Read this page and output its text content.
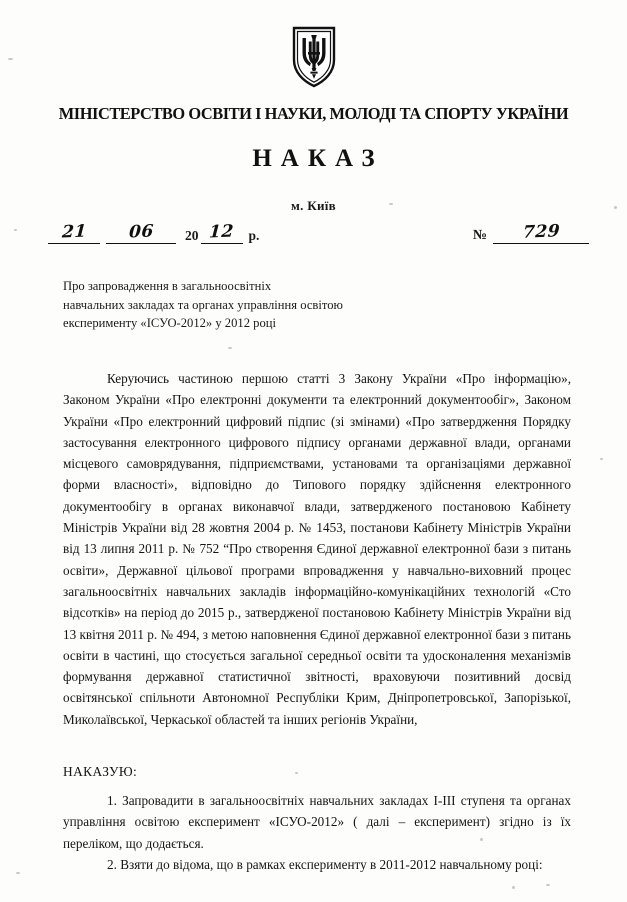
МІНІСТЕРСТВО ОСВІТИ І НАУКИ, МОЛОДІ ТА СПОРТУ УКРАЇНИ
НАКАЗ
м. Київ
21	06	20 12	р.	№	729
Про запровадження в загальноосвітніх
навчальних закладах та органах управління освітою
експерименту «ІСУО-2012» у 2012 році
Керуючись частиною першою статті 3 Закону України «Про інформацію», Законом України «Про електронні документи та електронний документообіг», Законом України «Про електронний цифровий підпис (зі змінами) «Про затвердження Порядку застосування електронного цифрового підпису органами державної влади, органами місцевого самоврядування, підприємствами, установами та організаціями державної форми власності», відповідно до Типового порядку здійснення електронного документообігу в органах виконавчої влади, затвердженого постановою Кабінету Міністрів України від 28 жовтня 2004 р. № 1453, постанови Кабінету Міністрів України від 13 липня 2011 р. № 752 “Про створення Єдиної державної електронної бази з питань освіти», Державної цільової програми впровадження у навчально-виховний процес загальноосвітніх навчальних закладів інформаційно-комунікаційних технологій «Сто відсотків» на період до 2015 р., затвердженої постановою Кабінету Міністрів України від 13 квітня 2011 р. № 494, з метою наповнення Єдиної державної електронної бази з питань освіти в частині, що стосується загальної середньої освіти та удосконалення механізмів формування державної статистичної звітності, враховуючи позитивний досвід освітянської спільноти Автономної Республіки Крим, Дніпропетровської, Запорізької, Миколаївської, Черкаської областей та інших регіонів України,
НАКАЗУЮ:

1. Запровадити в загальноосвітніх навчальних закладах І-ІІІ ступеня та органах управління освітою експеримент «ІСУО-2012» ( далі – експеримент) згідно із їх переліком, що додається.

2. Взяти до відома, що в рамках експерименту в 2011-2012 навчальному році:
